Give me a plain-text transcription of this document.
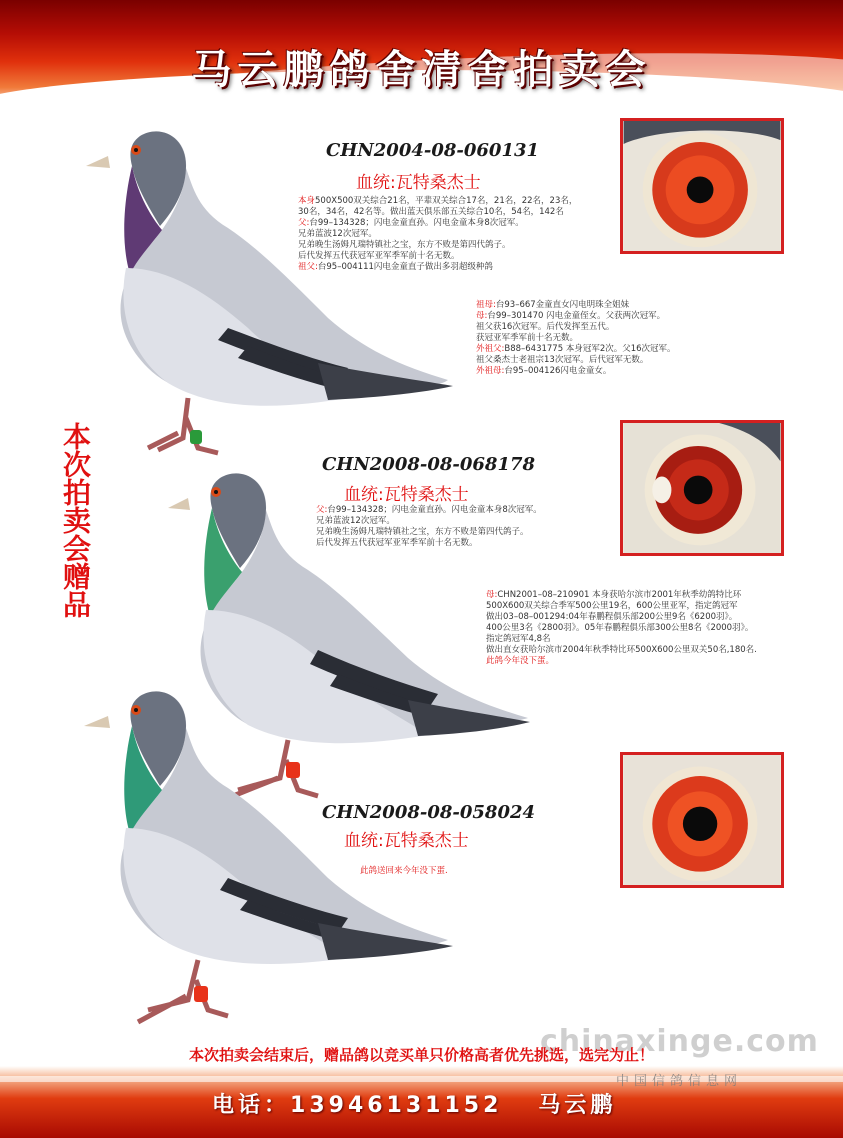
马云鹏鸽舍清舍拍卖会
本次拍卖会赠品
CHN2004-08-060131
血统:瓦特桑杰士
本身500X500双关综合21名，平辈双关综合17名，21名，22名，23名，
30名，34名，42名等。做出蓝天俱乐部五关综合10名，54名，142名
父:台99–134328；闪电金童直孙。闪电金童本身8次冠军。
兄弟蓝波12次冠军。
兄弟晚生汤姆凡瑞特镇社之宝，东方不败是第四代鸽子。
后代发挥五代获冠军亚军季军前十名无数。
祖父:台95–004111闪电金童直子做出多羽超级种鸽
祖母:台93–667金童直女闪电明珠全姐妹
母:台99–301470 闪电金童侄女。父获两次冠军。
祖父获16次冠军。后代发挥至五代。
获冠亚军季军前十名无数。
外祖父:B88–6431775 本身冠军2次。父16次冠军。
祖父桑杰士老祖宗13次冠军。后代冠军无数。
外祖母:台95–004126闪电金童女。
CHN2008-08-068178
血统:瓦特桑杰士
父:台99–134328；闪电金童直孙。闪电金童本身8次冠军。
兄弟蓝波12次冠军。
兄弟晚生汤姆凡瑞特镇社之宝，东方不败是第四代鸽子。
后代发挥五代获冠军亚军季军前十名无数。
母:CHN2001–08–210901 本身获哈尔滨市2001年秋季幼鸽特比环
500X600双关综合季军500公里19名，600公里亚军，指定鸽冠军
做出03–08–001294:04年春鹏程俱乐部200公里9名《6200羽》。
400公里3名《2800羽》。05年春鹏程俱乐部300公里8名《2000羽》。
指定鸽冠军4,8名
做出直女获哈尔滨市2004年秋季特比环500X600公里双关50名,180名.
此鸽今年没下蛋。
CHN2008-08-058024
血统:瓦特桑杰士
此鸽送回来今年没下蛋.
chinaxinge.com
本次拍卖会结束后，赠品鸽以竞买单只价格高者优先挑选，选完为止！
中国信鸽信息网
电话：13946131152 马云鹏
